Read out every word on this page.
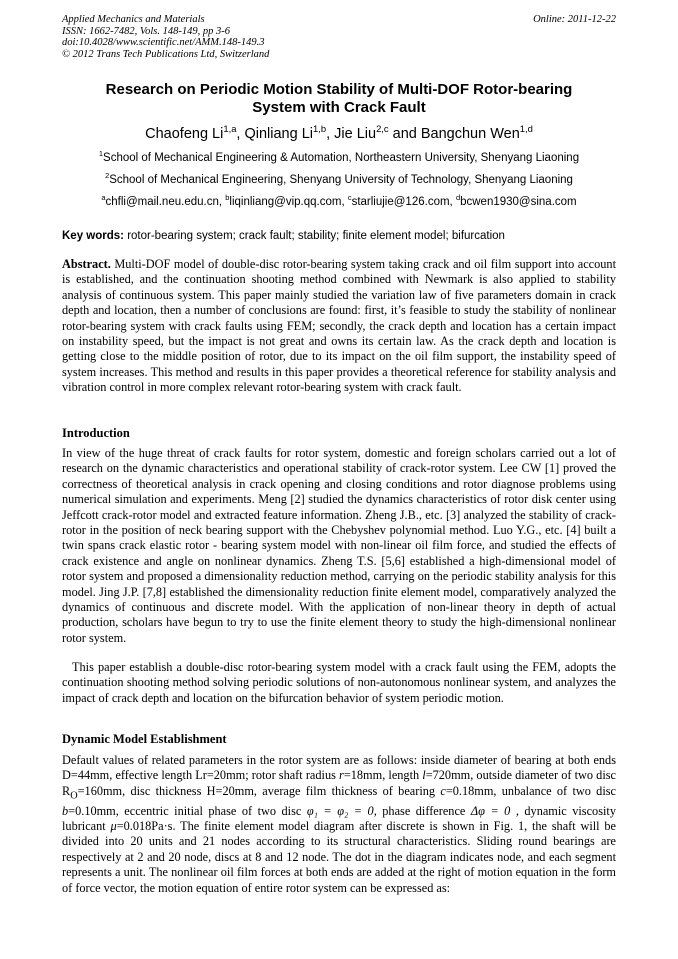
Applied Mechanics and Materials
ISSN: 1662-7482, Vols. 148-149, pp 3-6
doi:10.4028/www.scientific.net/AMM.148-149.3
© 2012 Trans Tech Publications Ltd, Switzerland
Online: 2011-12-22
Research on Periodic Motion Stability of Multi-DOF Rotor-bearing
System with Crack Fault
Chaofeng Li$^{1,a}$, Qinliang Li$^{1,b}$, Jie Liu$^{2,c}$ and Bangchun Wen$^{1,d}$
$^1$School of Mechanical Engineering & Automation, Northeastern University, Shenyang Liaoning
$^2$School of Mechanical Engineering, Shenyang University of Technology, Shenyang Liaoning
$^a$chfli@mail.neu.edu.cn, $^b$liqinliang@vip.qq.com, $^c$starliujie@126.com, $^d$bcwen1930@sina.com
Key words: rotor-bearing system; crack fault; stability; finite element model; bifurcation
Abstract. Multi-DOF model of double-disc rotor-bearing system taking crack and oil film support into account is established, and the continuation shooting method combined with Newmark is also applied to stability analysis of continuous system. This paper mainly studied the variation law of five parameters domain in crack depth and location, then a number of conclusions are found: first, it’s feasible to study the stability of nonlinear rotor-bearing system with crack faults using FEM; secondly, the crack depth and location has a certain impact on instability speed, but the impact is not great and owns its certain law. As the crack depth and location is getting close to the middle position of rotor, due to its impact on the oil film support, the instability speed of system increases. This method and results in this paper provides a theoretical reference for stability analysis and vibration control in more complex relevant rotor-bearing system with crack fault.
Introduction
In view of the huge threat of crack faults for rotor system, domestic and foreign scholars carried out a lot of research on the dynamic characteristics and operational stability of crack-rotor system. Lee CW [1] proved the correctness of theoretical analysis in crack opening and closing conditions and rotor diagnose problems using numerical simulation and experiments. Meng [2] studied the dynamics characteristics of rotor disk center using Jeffcott crack-rotor model and extracted feature information. Zheng J.B., etc. [3] analyzed the stability of crack-rotor in the position of neck bearing support with the Chebyshev polynomial method. Luo Y.G., etc. [4] built a twin spans crack elastic rotor - bearing system model with non-linear oil film force, and studied the effects of crack existence and angle on nonlinear dynamics. Zheng T.S. [5,6] established a high-dimensional model of rotor system and proposed a dimensionality reduction method, carrying on the periodic stability analysis for this model. Jing J.P. [7,8] established the dimensionality reduction finite element model, comparatively analyzed the dynamics of continuous and discrete model. With the application of non-linear theory in depth of actual production, scholars have begun to try to use the finite element theory to study the high-dimensional nonlinear rotor system.
This paper establish a double-disc rotor-bearing system model with a crack fault using the FEM, adopts the continuation shooting method solving periodic solutions of non-autonomous nonlinear system, and analyzes the impact of crack depth and location on the bifurcation behavior of system periodic motion.
Dynamic Model Establishment
Default values of related parameters in the rotor system are as follows: inside diameter of bearing at both ends D=44mm, effective length Lr=20mm; rotor shaft radius r=18mm, length l=720mm, outside diameter of two disc $R_O=160mm$, disc thickness H=20mm, average film thickness of bearing c=0.18mm, unbalance of two disc b=0.10mm, eccentric initial phase of two disc φ₁ = φ₂ = 0, phase difference Δφ = 0 , dynamic viscosity lubricant μ=0.018Pa·s. The finite element model diagram after discrete is shown in Fig. 1, the shaft will be divided into 20 units and 21 nodes according to its structural characteristics. Sliding round bearings are respectively at 2 and 20 node, discs at 8 and 12 node. The dot in the diagram indicates node, and each segment represents a unit. The nonlinear oil film forces at both ends are added at the right of motion equation in the form of force vector, the motion equation of entire rotor system can be expressed as:
